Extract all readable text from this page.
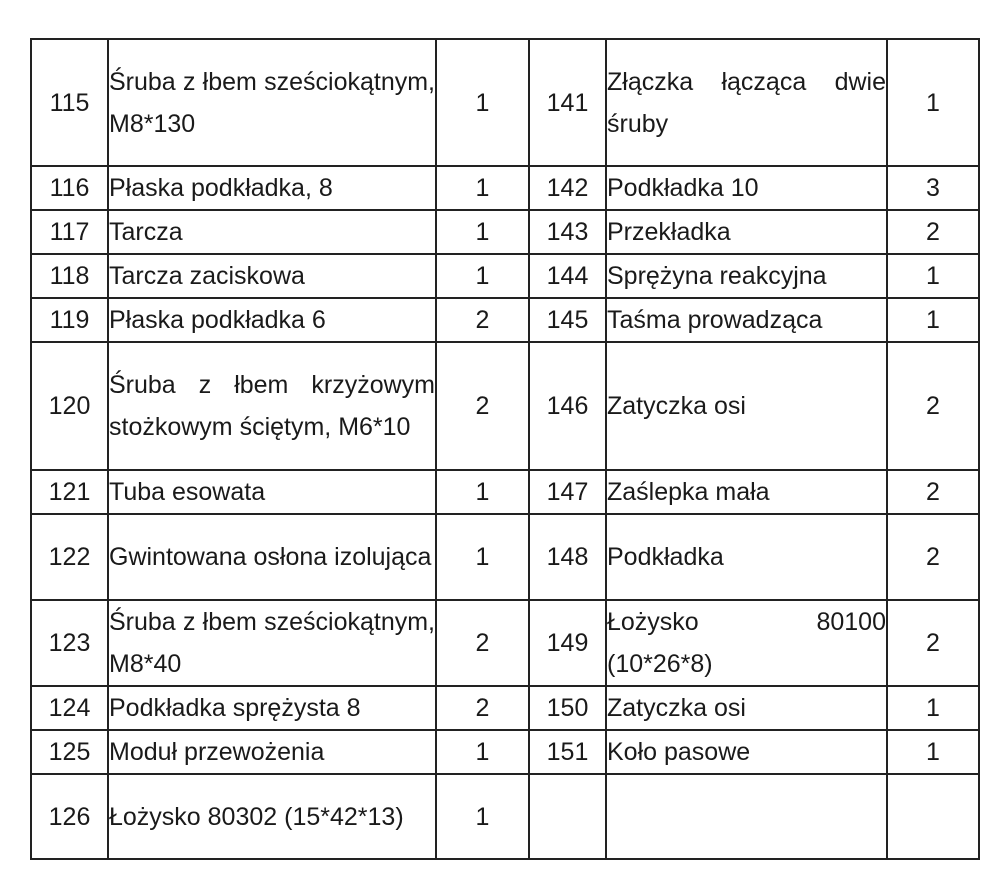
115	Śruba z łbem sześciokątnym, M8*130	1	141	Złączka łącząca dwie śruby	1
116	Płaska podkładka, 8	1	142	Podkładka 10	3
117	Tarcza	1	143	Przekładka	2
118	Tarcza zaciskowa	1	144	Sprężyna reakcyjna	1
119	Płaska podkładka 6	2	145	Taśma prowadząca	1
120	Śruba z łbem krzyżowym stożkowym ściętym, M6*10	2	146	Zatyczka osi	2
121	Tuba esowata	1	147	Zaślepka mała	2
122	Gwintowana osłona izolująca	1	148	Podkładka	2
123	Śruba z łbem sześciokątnym, M8*40	2	149	Łożysko 80100 (10*26*8)	2
124	Podkładka sprężysta 8	2	150	Zatyczka osi	1
125	Moduł przewożenia	1	151	Koło pasowe	1
126	Łożysko 80302 (15*42*13)	1			
